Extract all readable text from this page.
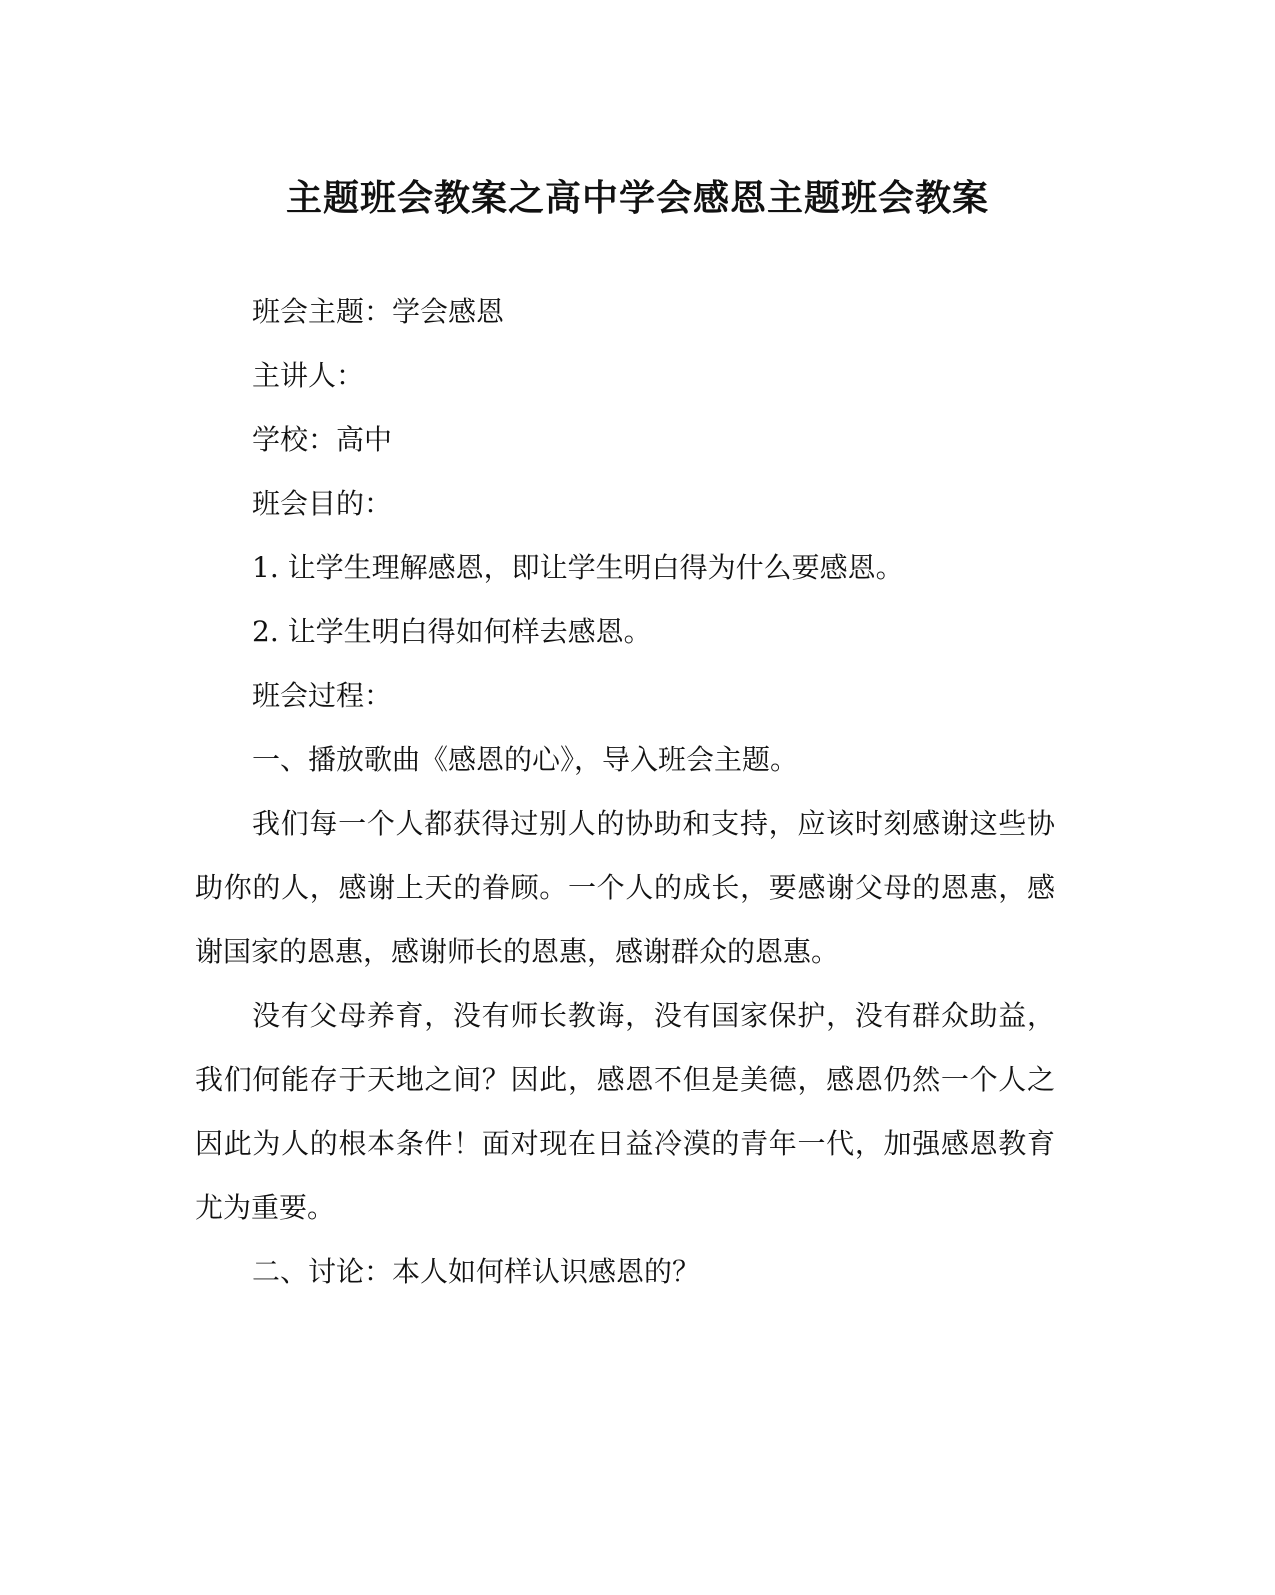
主题班会教案之高中学会感恩主题班会教案

班会主题：学会感恩

主讲人：

学校：高中

班会目的：

1. 让学生理解感恩，即让学生明白得为什么要感恩。

2. 让学生明白得如何样去感恩。

班会过程：

一、播放歌曲《感恩的心》，导入班会主题。

我们每一个人都获得过别人的协助和支持，应该时刻感谢这些协助你的人，感谢上天的眷顾。一个人的成长，要感谢父母的恩惠，感谢国家的恩惠，感谢师长的恩惠，感谢群众的恩惠。

没有父母养育，没有师长教诲，没有国家保护，没有群众助益，我们何能存于天地之间？因此，感恩不但是美德，感恩仍然一个人之因此为人的根本条件！面对现在日益冷漠的青年一代，加强感恩教育尤为重要。

二、讨论：本人如何样认识感恩的？
